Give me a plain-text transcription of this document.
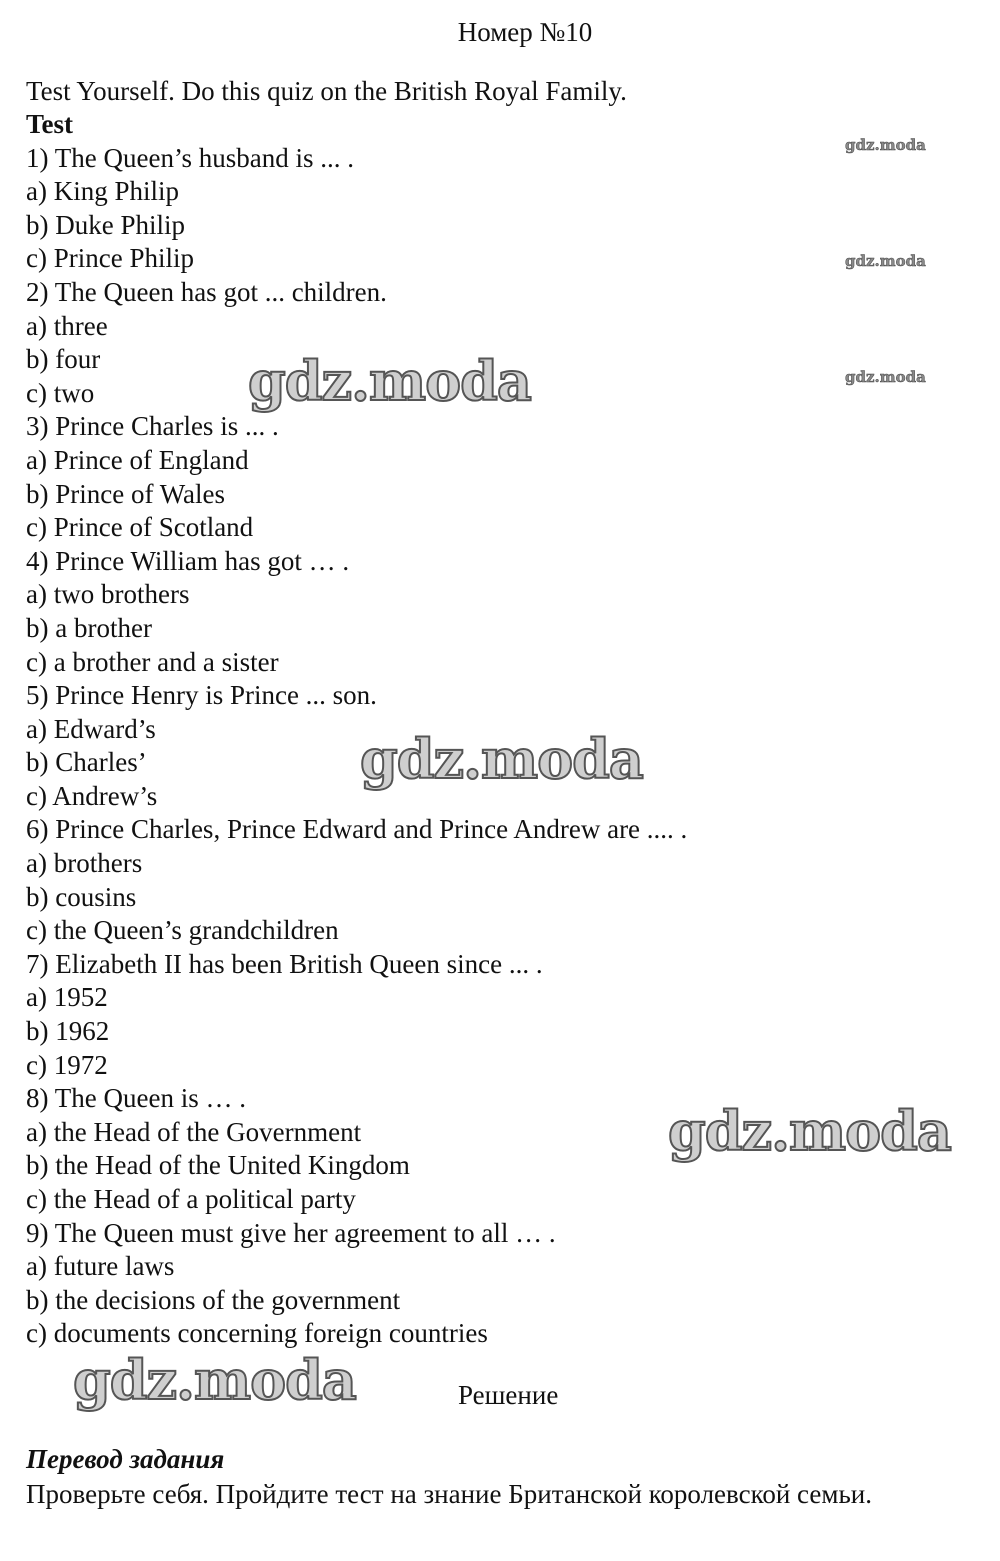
Номер №10
Test Yourself. Do this quiz on the British Royal Family.
Test
1) The Queen’s husband is ... .
a) King Philip
b) Duke Philip
c) Prince Philip
2) The Queen has got ... children.
a) three
b) four
c) two
3) Prince Charles is ... .
a) Prince of England
b) Prince of Wales
c) Prince of Scotland
4) Prince William has got … .
a) two brothers
b) a brother
c) a brother and a sister
5) Prince Henry is Prince ... son.
a) Edward’s
b) Charles’
c) Andrew’s
6) Prince Charles, Prince Edward and Prince Andrew are .... .
a) brothers
b) cousins
c) the Queen’s grandchildren
7) Elizabeth II has been British Queen since ... .
a) 1952
b) 1962
c) 1972
8) The Queen is … .
a) the Head of the Government
b) the Head of the United Kingdom
c) the Head of a political party
9) The Queen must give her agreement to all … .
a) future laws
b) the decisions of the government
c) documents concerning foreign countries
Решение
Перевод задания
Проверьте себя. Пройдите тест на знание Британской королевской семьи.
gdz.moda
gdz.moda
gdz.moda
gdz.moda
gdz.moda
gdz.moda
gdz.moda
